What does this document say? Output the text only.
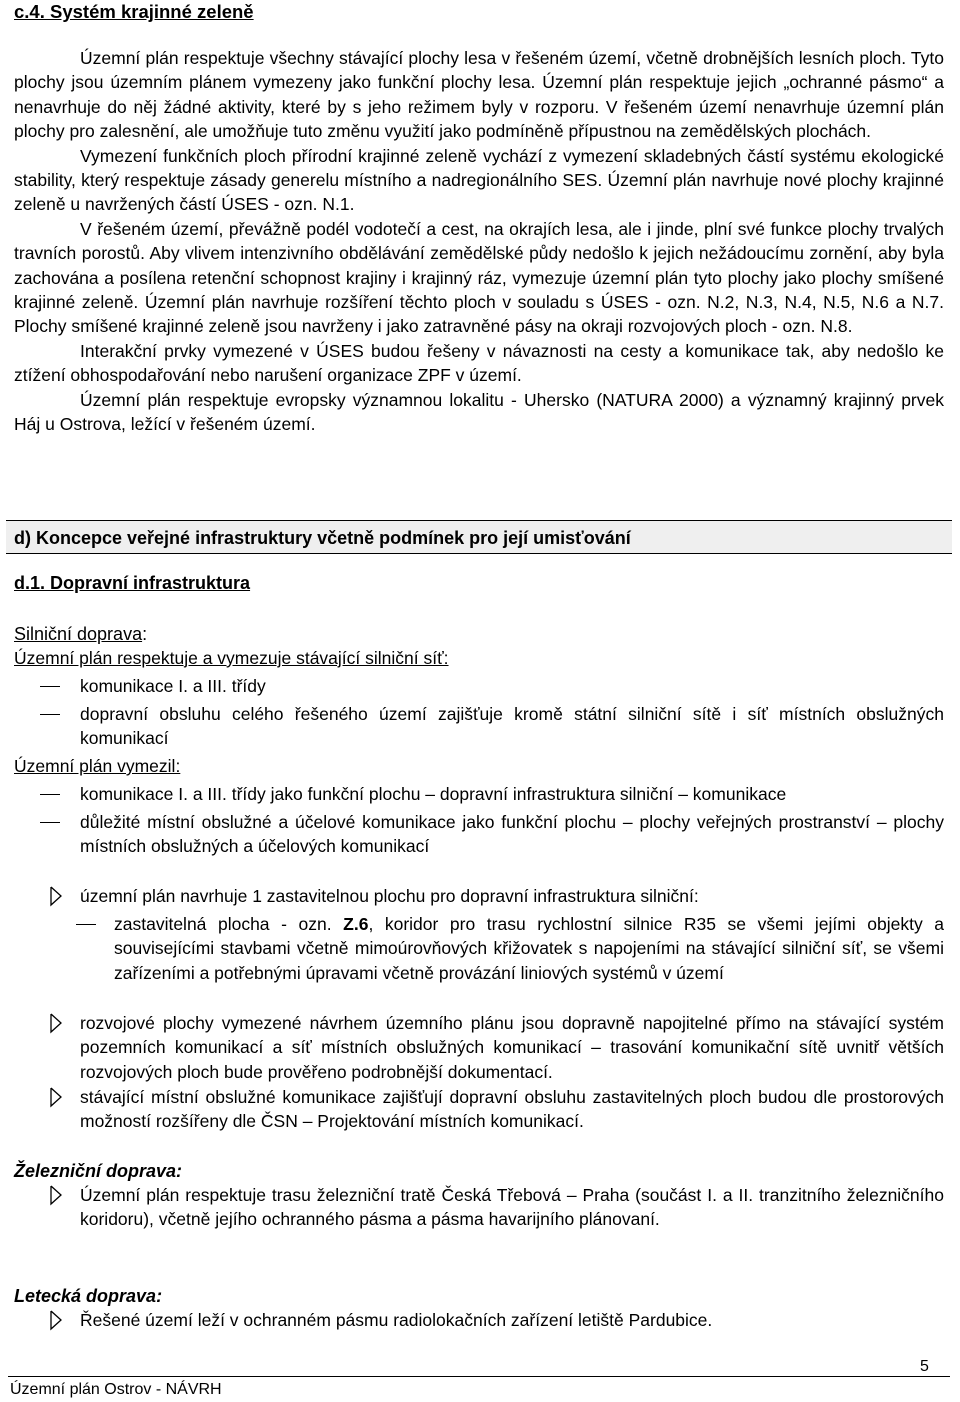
c.4. Systém krajinné zeleně

Územní plán respektuje všechny stávající plochy lesa v řešeném území, včetně drobnějších lesních ploch. Tyto plochy jsou územním plánem vymezeny jako funkční plochy lesa. Územní plán respektuje jejich „ochranné pásmo“ a nenavrhuje do něj žádné aktivity, které by s jeho režimem byly v rozporu. V řešeném území nenavrhuje územní plán plochy pro zalesnění, ale umožňuje tuto změnu využití jako podmíněně přípustnou na zemědělských plochách.

Vymezení funkčních ploch přírodní krajinné zeleně vychází z vymezení skladebných částí systému ekologické stability, který respektuje zásady generelu místního a nadregionálního SES. Územní plán navrhuje nové plochy krajinné zeleně u navržených částí ÚSES - ozn. N.1.

V řešeném území, převážně podél vodotečí a cest, na okrajích lesa, ale i jinde, plní své funkce plochy trvalých travních porostů. Aby vlivem intenzivního obdělávání zemědělské půdy nedošlo k jejich nežádoucímu zornění, aby byla zachována a posílena retenční schopnost krajiny i krajinný ráz, vymezuje územní plán tyto plochy jako plochy smíšené krajinné zeleně. Územní plán navrhuje rozšíření těchto ploch v souladu s ÚSES - ozn. N.2, N.3, N.4, N.5, N.6 a N.7. Plochy smíšené krajinné zeleně jsou navrženy i jako zatravněné pásy na okraji rozvojových ploch - ozn. N.8.

Interakční prvky vymezené v ÚSES budou řešeny v návaznosti na cesty a komunikace tak, aby nedošlo ke ztížení obhospodařování nebo narušení organizace ZPF v území.

Územní plán respektuje evropsky významnou lokalitu - Uhersko (NATURA 2000) a významný krajinný prvek Háj u Ostrova, ležící v řešeném území.

d) Koncepce veřejné infrastruktury včetně podmínek pro její umisťování
d.1. Dopravní infrastruktura
Silniční doprava:
Územní plán respektuje a vymezuje stávající silniční síť:
komunikace I. a III. třídy
dopravní obsluhu celého řešeného území zajišťuje kromě státní silniční sítě i síť místních obslužných komunikací
Územní plán vymezil:
komunikace I. a III. třídy jako funkční plochu – dopravní infrastruktura silniční – komunikace
důležité místní obslužné a účelové komunikace jako funkční plochu – plochy veřejných prostranství – plochy místních obslužných a účelových komunikací
územní plán navrhuje 1 zastavitelnou plochu pro dopravní infrastruktura silniční:
zastavitelná plocha - ozn. Z.6, koridor pro trasu rychlostní silnice R35 se všemi jejími objekty a souvisejícími stavbami včetně mimoúrovňových křižovatek s napojeními na stávající silniční síť, se všemi zařízeními a potřebnými úpravami včetně provázání liniových systémů v území
rozvojové plochy vymezené návrhem územního plánu jsou dopravně napojitelné přímo na stávající systém pozemních komunikací a síť místních obslužných komunikací – trasování komunikační sítě uvnitř větších rozvojových ploch bude prověřeno podrobnější dokumentací.
stávající místní obslužné komunikace zajišťují dopravní obsluhu zastavitelných ploch budou dle prostorových možností rozšířeny dle ČSN – Projektování místních komunikací.
Železniční doprava:
Územní plán respektuje trasu železniční tratě Česká Třebová – Praha (součást I. a II. tranzitního železničního koridoru), včetně jejího ochranného pásma a pásma havarijního plánovaní.
Letecká doprava:
Řešené území leží v ochranném pásmu radiolokačních zařízení letiště Pardubice.
5
Územní plán Ostrov - NÁVRH
